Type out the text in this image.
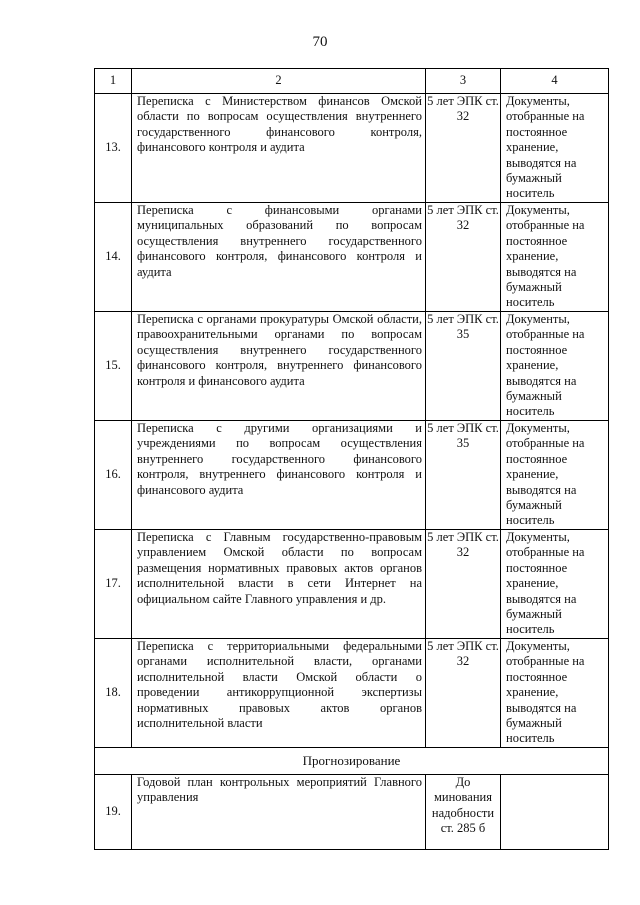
70
1	2	3	4
13.	Переписка с Министерством финансов Омской области по вопросам осуществления внутреннего государственного финансового контроля, финансового контроля и аудита	5 лет ЭПК ст. 32	Документы, отобранные на постоянное хранение, выводятся на бумажный носитель
14.	Переписка с финансовыми органами муниципальных образований по вопросам осуществления внутреннего государственного финансового контроля, финансового контроля и аудита	5 лет ЭПК ст. 32	Документы, отобранные на постоянное хранение, выводятся на бумажный носитель
15.	Переписка с органами прокуратуры Омской области, правоохранительными органами по вопросам осуществления внутреннего государственного финансового контроля, внутреннего финансового контроля и финансового аудита	5 лет ЭПК ст. 35	Документы, отобранные на постоянное хранение, выводятся на бумажный носитель
16.	Переписка с другими организациями и учреждениями по вопросам осуществления внутреннего государственного финансового контроля, внутреннего финансового контроля и финансового аудита	5 лет ЭПК ст. 35	Документы, отобранные на постоянное хранение, выводятся на бумажный носитель
17.	Переписка с Главным государственно-правовым управлением Омской области по вопросам размещения нормативных правовых актов органов исполнительной власти в сети Интернет на официальном сайте Главного управления и др.	5 лет ЭПК ст. 32	Документы, отобранные на постоянное хранение, выводятся на бумажный носитель
18.	Переписка с территориальными федеральными органами исполнительной власти, органами исполнительной власти Омской области о проведении антикоррупционной экспертизы нормативных правовых актов органов исполнительной власти	5 лет ЭПК ст. 32	Документы, отобранные на постоянное хранение, выводятся на бумажный носитель
Прогнозирование			
19.	Годовой план контрольных мероприятий Главного управления	До минования надобности ст. 285 б	
